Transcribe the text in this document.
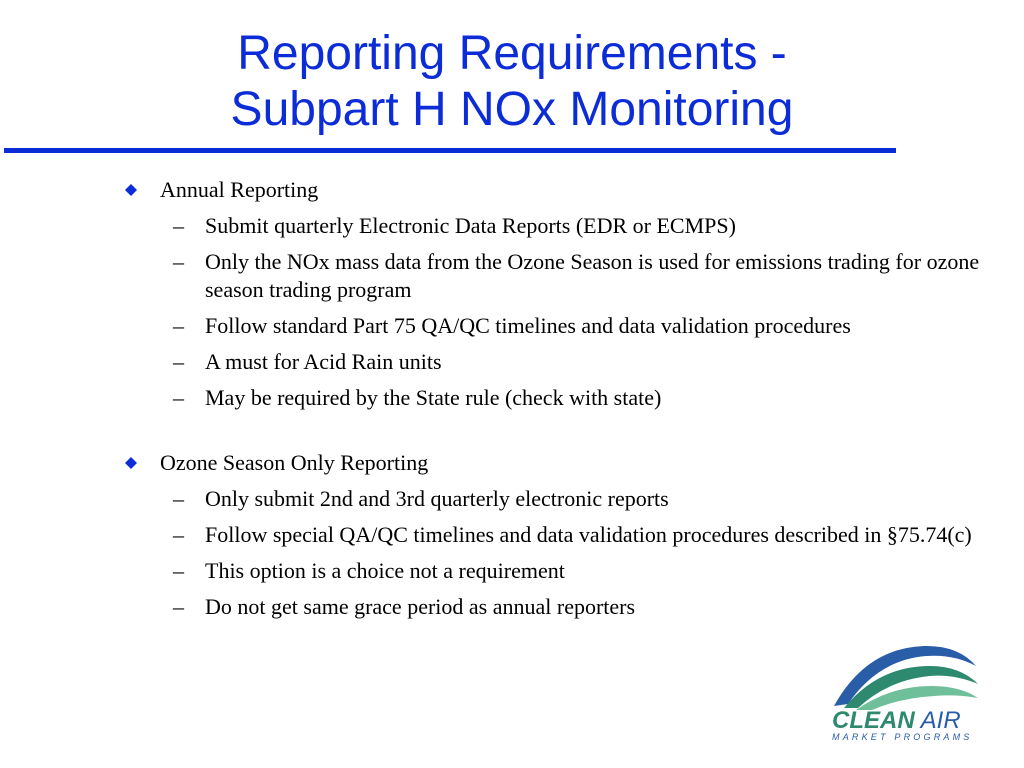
Reporting Requirements -
Subpart H NOx Monitoring
Annual Reporting
– Submit quarterly Electronic Data Reports (EDR or ECMPS)
– Only the NOx mass data from the Ozone Season is used for emissions trading for ozone season trading program
– Follow standard Part 75 QA/QC timelines and data validation procedures
– A must for Acid Rain units
– May be required by the State rule (check with state)
Ozone Season Only Reporting
– Only submit 2nd and 3rd quarterly electronic reports
– Follow special QA/QC timelines and data validation procedures described in §75.74(c)
– This option is a choice not a requirement
– Do not get same grace period as annual reporters
CLEAN AIR
MARKET PROGRAMS
